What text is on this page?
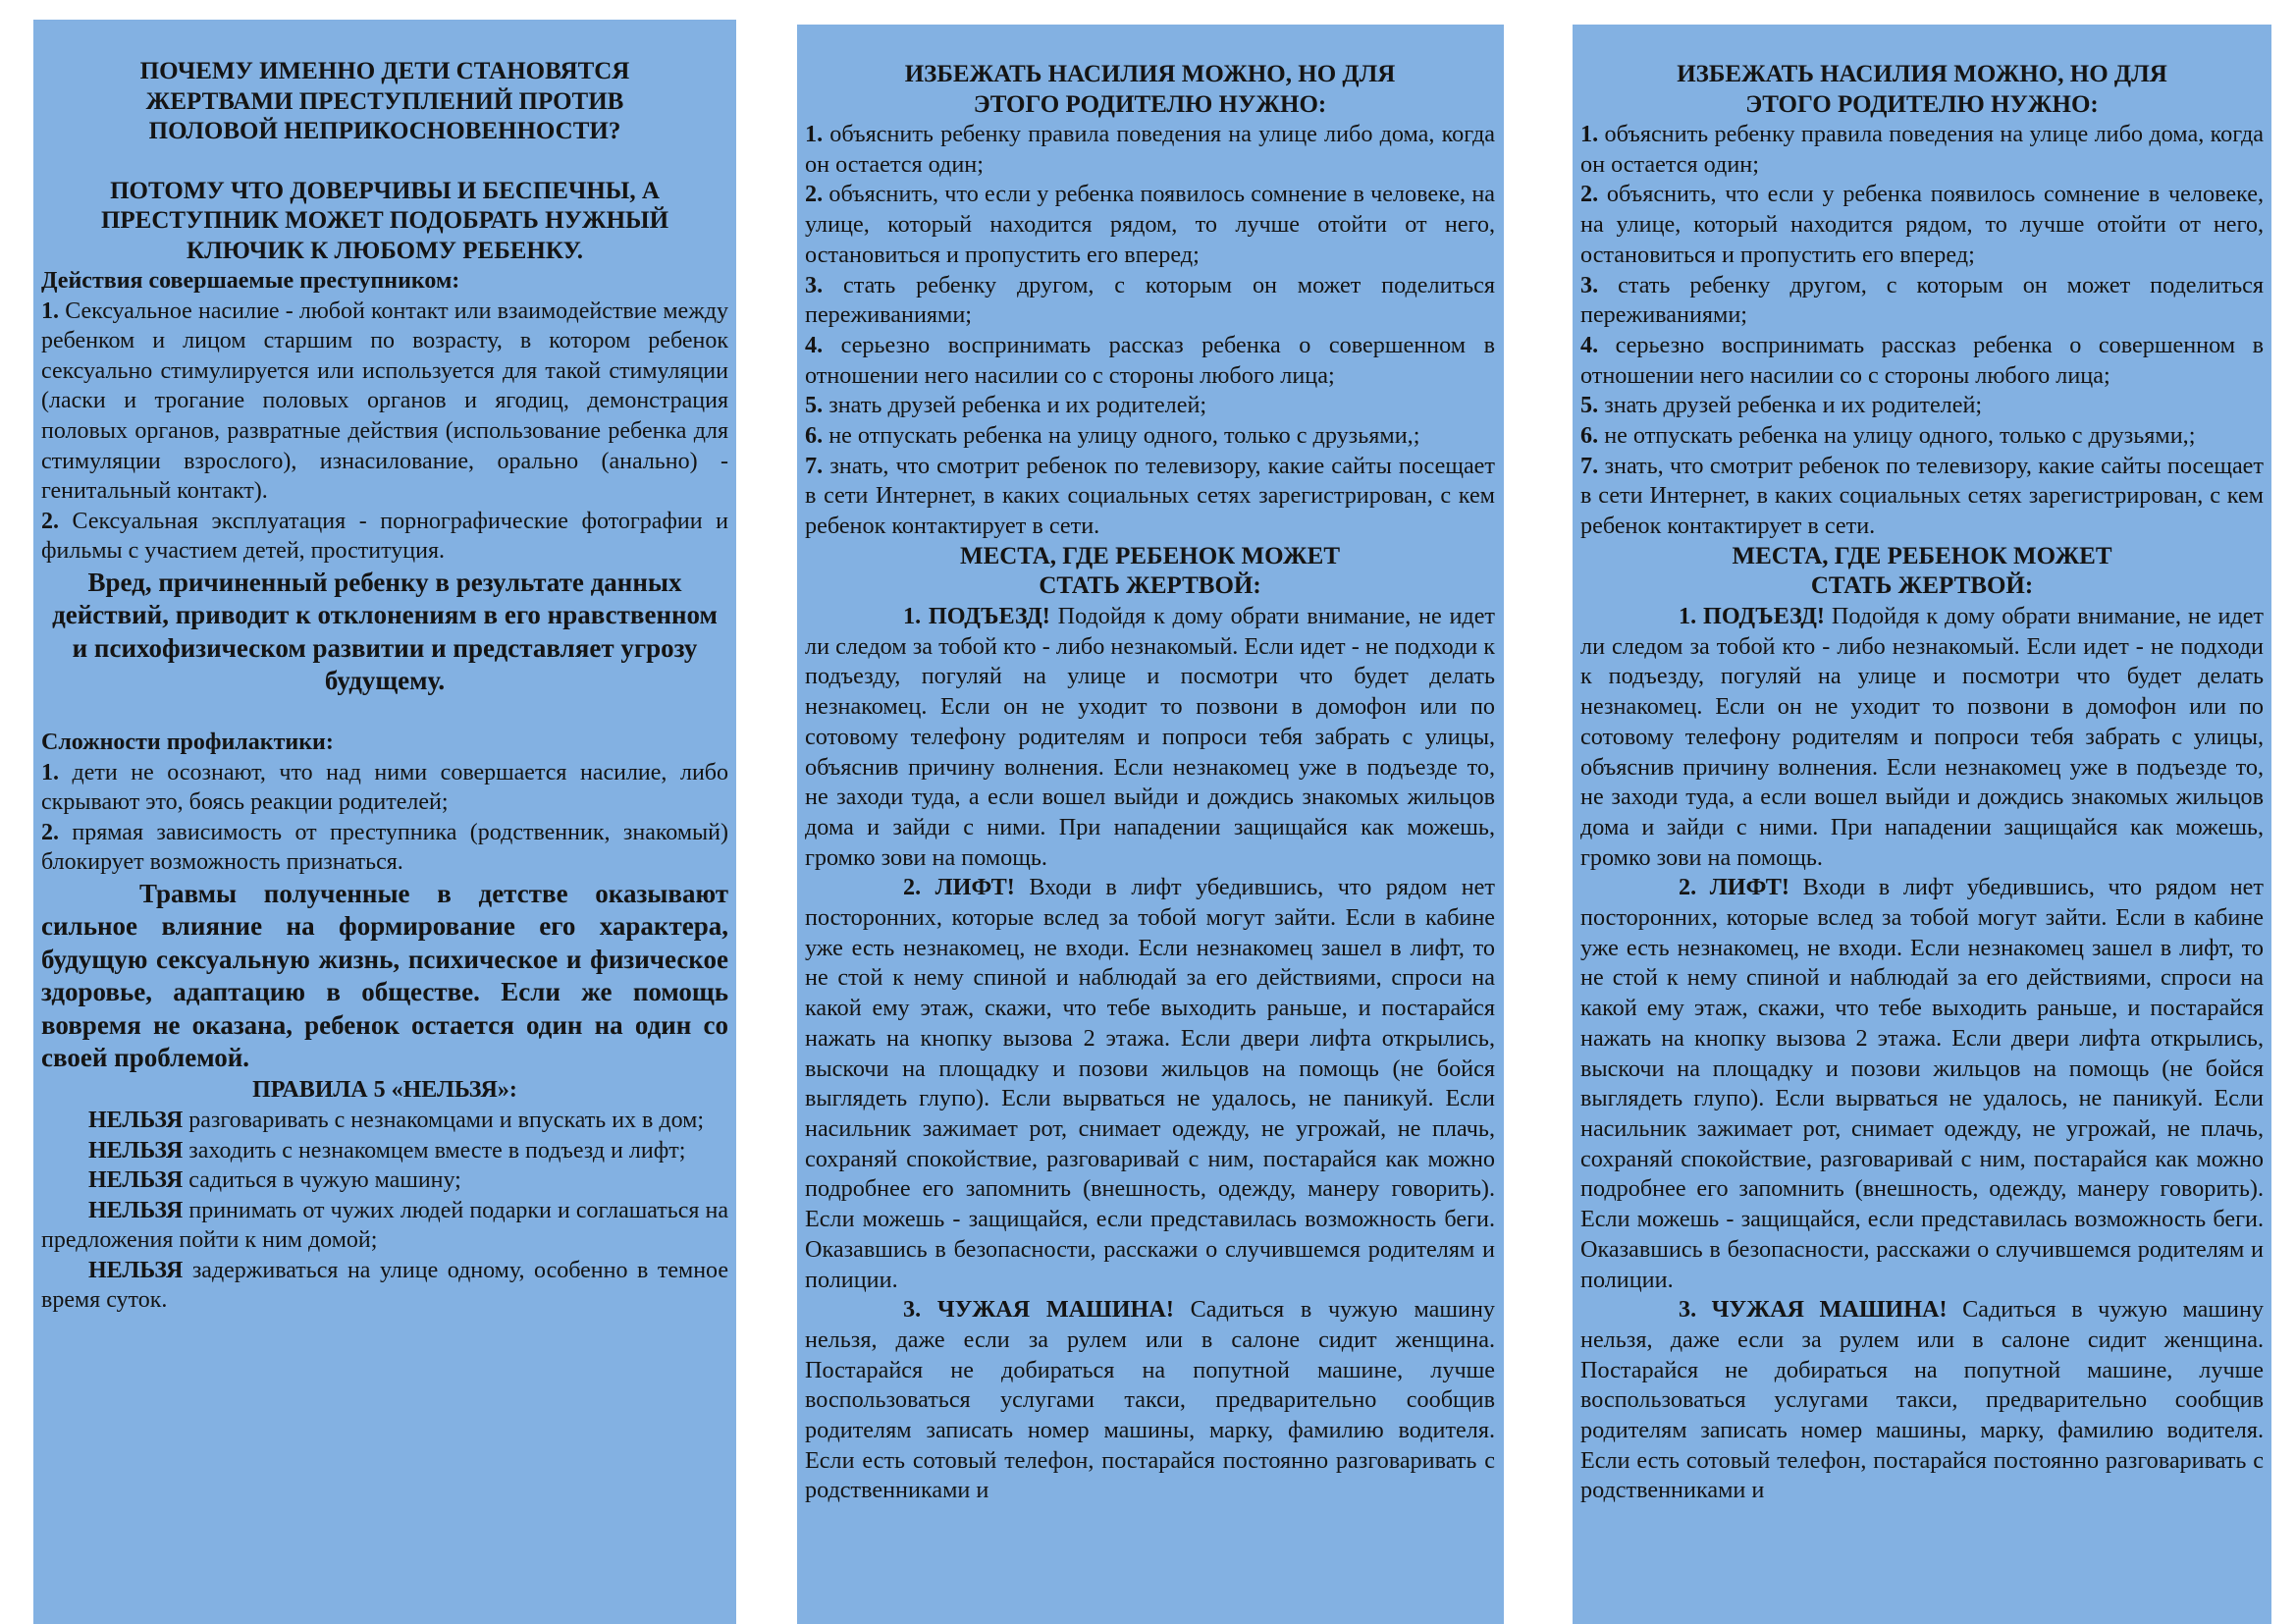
ПОЧЕМУ ИМЕННО ДЕТИ СТАНОВЯТСЯ ЖЕРТВАМИ ПРЕСТУПЛЕНИЙ ПРОТИВ ПОЛОВОЙ НЕПРИКОСНОВЕННОСТИ?

ПОТОМУ ЧТО ДОВЕРЧИВЫ И БЕСПЕЧНЫ, А ПРЕСТУПНИК МОЖЕТ ПОДОБРАТЬ НУЖНЫЙ КЛЮЧИК К ЛЮБОМУ РЕБЕНКУ.

Действия совершаемые преступником:

1. Сексуальное насилие - любой контакт или взаимодействие между ребенком и лицом старшим по возрасту, в котором ребенок сексуально стимулируется или используется для такой стимуляции (ласки и трогание половых органов и ягодиц, демонстрация половых органов, развратные действия (использование ребенка для стимуляции взрослого), изнасилование, орально (анально) - генитальный контакт).

2. Сексуальная эксплуатация - порнографические фотографии и фильмы с участием детей, проституция.

Вред, причиненный ребенку в результате данных действий, приводит к отклонениям в его нравственном и психофизическом развитии и представляет угрозу будущему.

Сложности профилактики:

1. дети не осознают, что над ними совершается насилие, либо скрывают это, боясь реакции родителей;

2. прямая зависимость от преступника (родственник, знакомый) блокирует возможность признаться.

Травмы полученные в детстве оказывают сильное влияние на формирование его характера, будущую сексуальную жизнь, психическое и физическое здоровье, адаптацию в обществе. Если же помощь вовремя не оказана, ребенок остается один на один со своей проблемой.

ПРАВИЛА 5 «НЕЛЬЗЯ»:

НЕЛЬЗЯ разговаривать с незнакомцами и впускать их в дом;

НЕЛЬЗЯ заходить с незнакомцем вместе в подъезд и лифт;

НЕЛЬЗЯ садиться в чужую машину;

НЕЛЬЗЯ принимать от чужих людей подарки и соглашаться на предложения пойти к ним домой;

НЕЛЬЗЯ задерживаться на улице одному, особенно в темное время суток.

ИЗБЕЖАТЬ НАСИЛИЯ МОЖНО, НО ДЛЯ ЭТОГО РОДИТЕЛЮ НУЖНО:

1. объяснить ребенку правила поведения на улице либо дома, когда он остается один;

2. объяснить, что если у ребенка появилось сомнение в человеке, на улице, который находится рядом, то лучше отойти от него, остановиться и пропустить его вперед;

3. стать ребенку другом, с которым он может поделиться переживаниями;

4. серьезно воспринимать рассказ ребенка о совершенном в отношении него насилии со с стороны любого лица;

5. знать друзей ребенка и их родителей;

6. не отпускать ребенка на улицу одного, только с друзьями,;

7. знать, что смотрит ребенок по телевизору, какие сайты посещает в сети Интернет, в каких социальных сетях зарегистрирован, с кем ребенок контактирует в сети.

МЕСТА, ГДЕ РЕБЕНОК МОЖЕТ

СТАТЬ ЖЕРТВОЙ:

1. ПОДЪЕЗД! Подойдя к дому обрати внимание, не идет ли следом за тобой кто - либо незнакомый. Если идет - не подходи к подъезду, погуляй на улице и посмотри что будет делать незнакомец. Если он не уходит то позвони в домофон или по сотовому телефону родителям и попроси тебя забрать с улицы, объяснив причину волнения. Если незнакомец уже в подъезде то, не заходи туда, а если вошел выйди и дождись знакомых жильцов дома и зайди с ними. При нападении защищайся как можешь, громко зови на помощь.

2. ЛИФТ! Входи в лифт убедившись, что рядом нет посторонних, которые вслед за тобой могут зайти. Если в кабине уже есть незнакомец, не входи. Если незнакомец зашел в лифт, то не стой к нему спиной и наблюдай за его действиями, спроси на какой ему этаж, скажи, что тебе выходить раньше, и постарайся нажать на кнопку вызова 2 этажа. Если двери лифта открылись, выскочи на площадку и позови жильцов на помощь (не бойся выглядеть глупо). Если вырваться не удалось, не паникуй. Если насильник зажимает рот, снимает одежду, не угрожай, не плачь, сохраняй спокойствие, разговаривай с ним, постарайся как можно подробнее его запомнить (внешность, одежду, манеру говорить). Если можешь - защищайся, если представилась возможность беги. Оказавшись в безопасности, расскажи о случившемся родителям и полиции.

3. ЧУЖАЯ МАШИНА! Садиться в чужую машину нельзя, даже если за рулем или в салоне сидит женщина. Постарайся не добираться на попутной машине, лучше воспользоваться услугами такси, предварительно сообщив родителям записать номер машины, марку, фамилию водителя. Если есть сотовый телефон, постарайся постоянно разговаривать с родственниками и

ИЗБЕЖАТЬ НАСИЛИЯ МОЖНО, НО ДЛЯ ЭТОГО РОДИТЕЛЮ НУЖНО:

1. объяснить ребенку правила поведения на улице либо дома, когда он остается один;

2. объяснить, что если у ребенка появилось сомнение в человеке, на улице, который находится рядом, то лучше отойти от него, остановиться и пропустить его вперед;

3. стать ребенку другом, с которым он может поделиться переживаниями;

4. серьезно воспринимать рассказ ребенка о совершенном в отношении него насилии со с стороны любого лица;

5. знать друзей ребенка и их родителей;

6. не отпускать ребенка на улицу одного, только с друзьями,;

7. знать, что смотрит ребенок по телевизору, какие сайты посещает в сети Интернет, в каких социальных сетях зарегистрирован, с кем ребенок контактирует в сети.

МЕСТА, ГДЕ РЕБЕНОК МОЖЕТ

СТАТЬ ЖЕРТВОЙ:

1. ПОДЪЕЗД! Подойдя к дому обрати внимание, не идет ли следом за тобой кто - либо незнакомый. Если идет - не подходи к подъезду, погуляй на улице и посмотри что будет делать незнакомец. Если он не уходит то позвони в домофон или по сотовому телефону родителям и попроси тебя забрать с улицы, объяснив причину волнения. Если незнакомец уже в подъезде то, не заходи туда, а если вошел выйди и дождись знакомых жильцов дома и зайди с ними. При нападении защищайся как можешь, громко зови на помощь.

2. ЛИФТ! Входи в лифт убедившись, что рядом нет посторонних, которые вслед за тобой могут зайти. Если в кабине уже есть незнакомец, не входи. Если незнакомец зашел в лифт, то не стой к нему спиной и наблюдай за его действиями, спроси на какой ему этаж, скажи, что тебе выходить раньше, и постарайся нажать на кнопку вызова 2 этажа. Если двери лифта открылись, выскочи на площадку и позови жильцов на помощь (не бойся выглядеть глупо). Если вырваться не удалось, не паникуй. Если насильник зажимает рот, снимает одежду, не угрожай, не плачь, сохраняй спокойствие, разговаривай с ним, постарайся как можно подробнее его запомнить (внешность, одежду, манеру говорить). Если можешь - защищайся, если представилась возможность беги. Оказавшись в безопасности, расскажи о случившемся родителям и полиции.

3. ЧУЖАЯ МАШИНА! Садиться в чужую машину нельзя, даже если за рулем или в салоне сидит женщина. Постарайся не добираться на попутной машине, лучше воспользоваться услугами такси, предварительно сообщив родителям записать номер машины, марку, фамилию водителя. Если есть сотовый телефон, постарайся постоянно разговаривать с родственниками и
